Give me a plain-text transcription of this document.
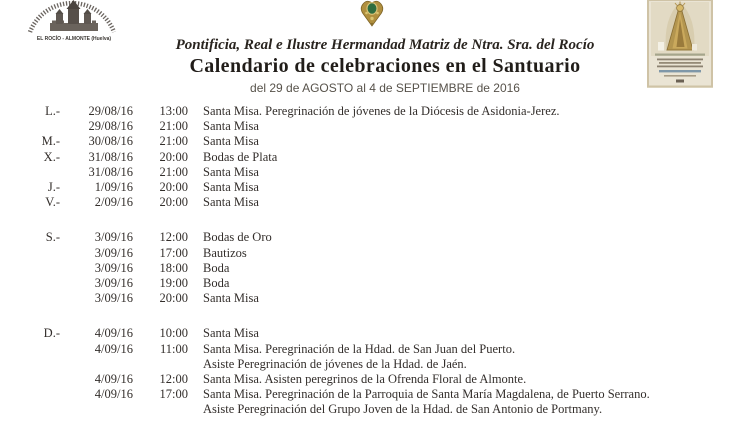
EL ROCÍO - ALMONTE (Huelva)	Pontificia, Real e Ilustre Hermandad Matriz de Ntra. Sra. del Rocío
Calendario de celebraciones en el Santuario
del 29 de AGOSTO al 4 de SEPTIEMBRE de 2016
L.-	29/08/16	13:00 Santa Misa. Peregrinación de jóvenes de la Diócesis de Asidonia-Jerez.
29/08/16	21:00 Santa Misa
M.-	30/08/16	21:00 Santa Misa
X.-	31/08/16	20:00 Bodas de Plata
31/08/16	21:00 Santa Misa
J.-	1/09/16	20:00 Santa Misa
V.-	2/09/16	20:00 Santa Misa
S.-	3/09/16	12:00 Bodas de Oro
3/09/16	17:00 Bautizos
3/09/16	18:00 Boda
3/09/16	19:00 Boda
3/09/16	20:00 Santa Misa
D.-	4/09/16	10:00 Santa Misa
4/09/16	11:00 Santa Misa. Peregrinación de la Hdad. de San Juan del Puerto.
Asiste Peregrinación de jóvenes de la Hdad. de Jaén.
4/09/16	12:00 Santa Misa. Asisten peregrinos de la Ofrenda Floral de Almonte.
4/09/16	17:00 Santa Misa. Peregrinación de la Parroquia de Santa María Magdalena, de Puerto Serrano.
Asiste Peregrinación del Grupo Joven de la Hdad. de San Antonio de Portmany.
